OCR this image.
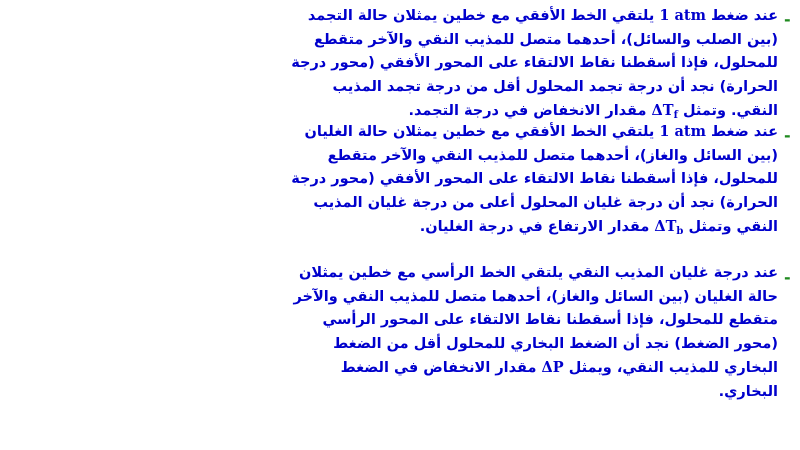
-

عند ضغط 1 atm يلتقي الخط الأفقي مع خطين يمثلان حالة التجمد (بين الصلب والسائل)، أحدهما متصل للمذيب النقي والآخر متقطع للمحلول، فإذا أسقطنا نقاط الالتقاء على المحور الأفقي (محور درجة الحرارة) نجد أن درجة تجمد المحلول أقل من درجة تجمد المذيب النقي. وتمثل $\Delta T_f$ مقدار الانخفاض في درجة التجمد.

-

عند ضغط 1 atm يلتقي الخط الأفقي مع خطين يمثلان حالة الغليان (بين السائل والغاز)، أحدهما متصل للمذيب النقي والآخر متقطع للمحلول، فإذا أسقطنا نقاط الالتقاء على المحور الأفقي (محور درجة الحرارة) نجد أن درجة غليان المحلول أعلى من درجة غليان المذيب النقي وتمثل $\Delta T_b$ مقدار الارتفاع في درجة الغليان.

-

عند درجة غليان المذيب النقي يلتقي الخط الرأسي مع خطين يمثلان حالة الغليان (بين السائل والغاز)، أحدهما متصل للمذيب النقي والآخر متقطع للمحلول، فإذا أسقطنا نقاط الالتقاء على المحور الرأسي (محور الضغط) نجد أن الضغط البخاري للمحلول أقل من الضغط البخاري للمذيب النقي، ويمثل ΔP مقدار الانخفاض في الضغط البخاري.
